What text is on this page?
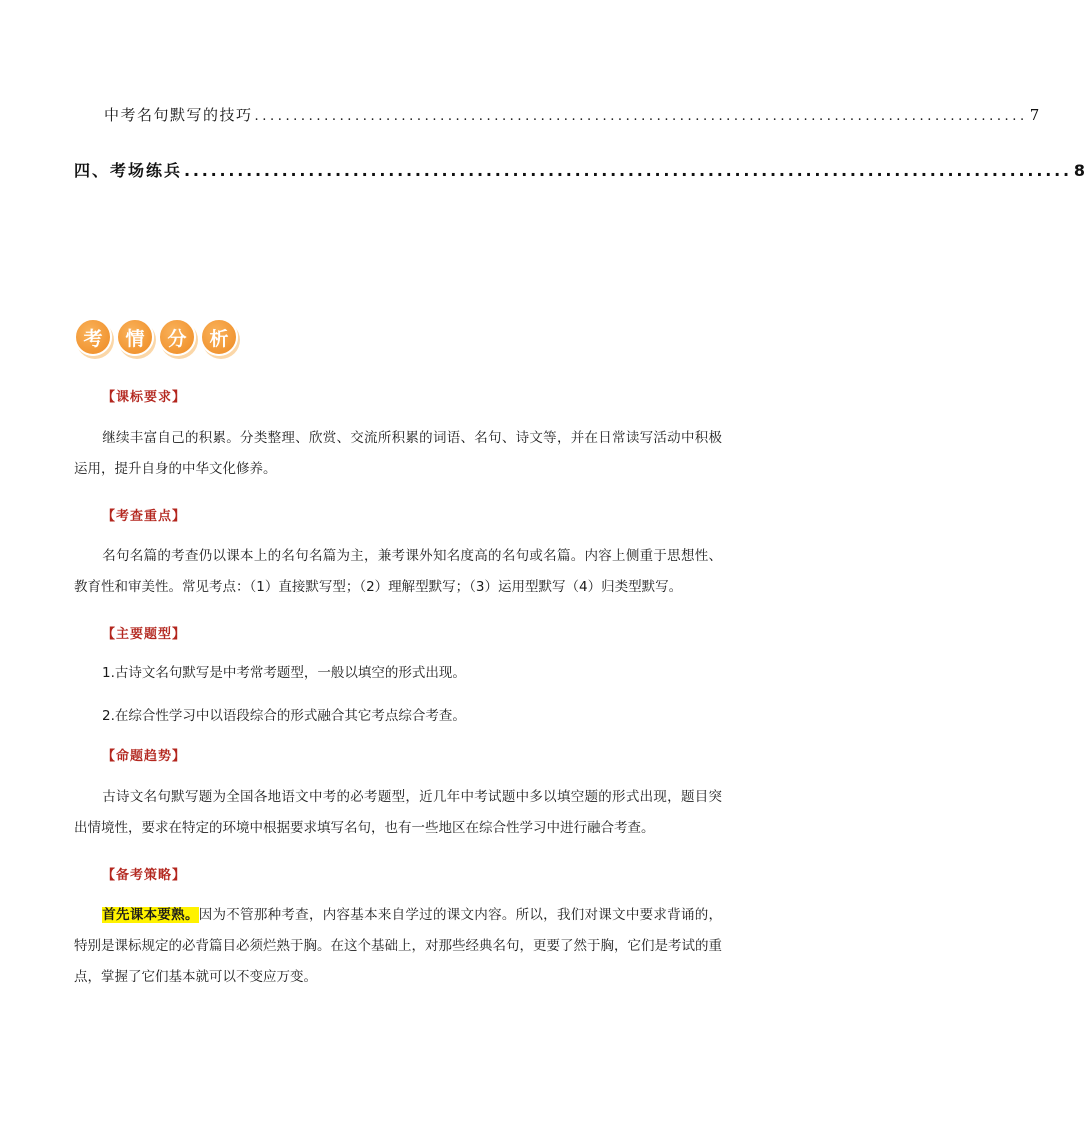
中考名句默写的技巧 .................................................................................................... 7
四、考场练兵 .................................................................................................... 8
考	情	分	析
【课标要求】
继续丰富自己的积累。分类整理、欣赏、交流所积累的词语、名句、诗文等，并在日常读写活动中积极运用，提升自身的中华文化修养。
【考查重点】
名句名篇的考查仍以课本上的名句名篇为主，兼考课外知名度高的名句或名篇。内容上侧重于思想性、教育性和审美性。常见考点：（1）直接默写型；（2）理解型默写；（3）运用型默写（4）归类型默写。
【主要题型】
1.古诗文名句默写是中考常考题型，一般以填空的形式出现。
2.在综合性学习中以语段综合的形式融合其它考点综合考查。
【命题趋势】
古诗文名句默写题为全国各地语文中考的必考题型，近几年中考试题中多以填空题的形式出现，题目突出情境性，要求在特定的环境中根据要求填写名句，也有一些地区在综合性学习中进行融合考查。
【备考策略】
首先课本要熟。因为不管那种考查，内容基本来自学过的课文内容。所以，我们对课文中要求背诵的，特别是课标规定的必背篇目必须烂熟于胸。在这个基础上，对那些经典名句，更要了然于胸，它们是考试的重点，掌握了它们基本就可以不变应万变。
